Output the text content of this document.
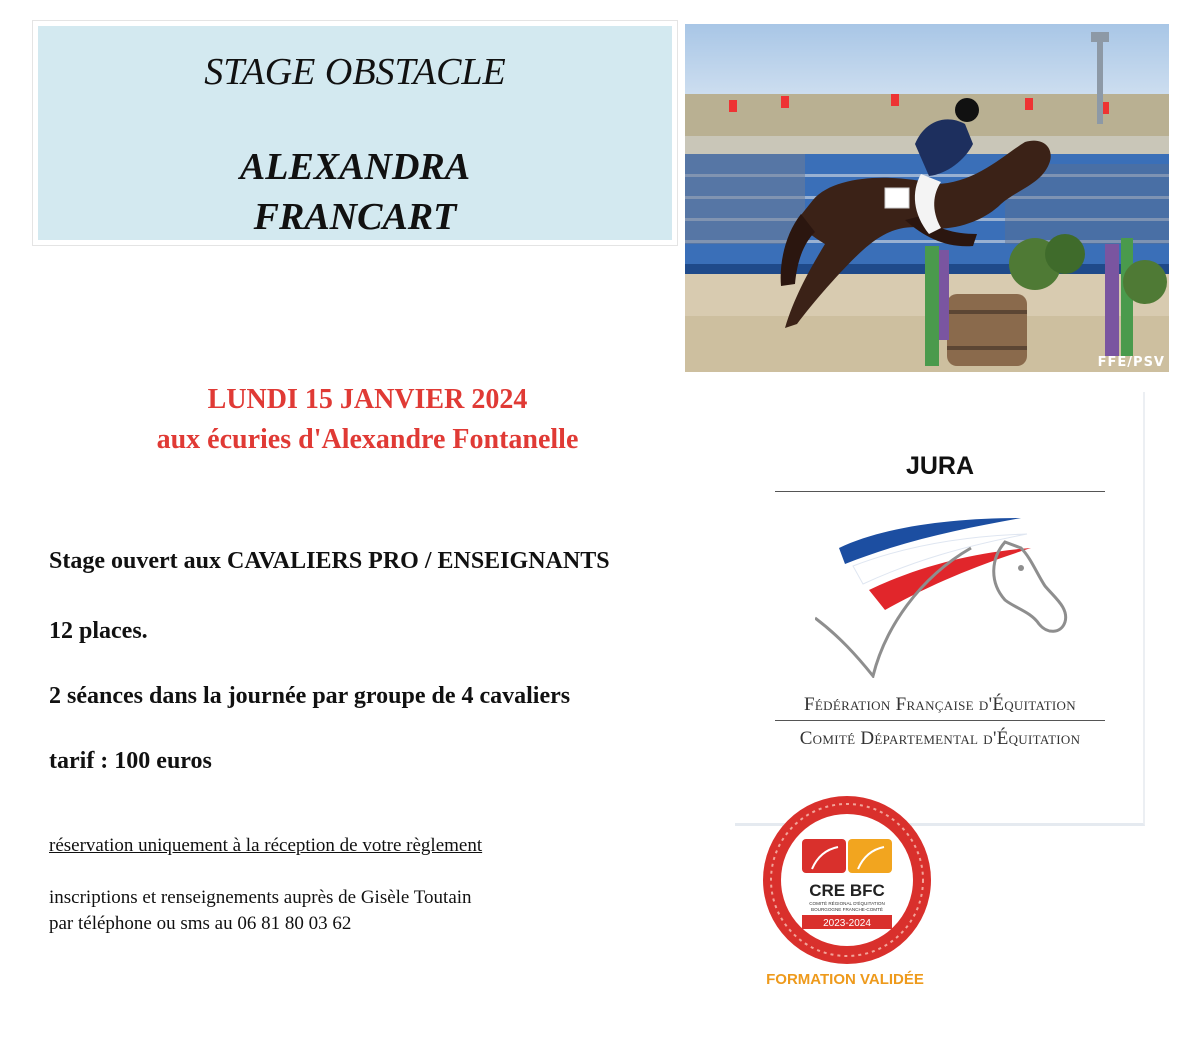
STAGE OBSTACLE
ALEXANDRA
FRANCART
FFE/PSV
LUNDI 15 JANVIER 2024
aux écuries d'Alexandre Fontanelle
Stage ouvert aux CAVALIERS PRO / ENSEIGNANTS
12 places.
2 séances dans la journée par groupe de 4 cavaliers
tarif : 100 euros
réservation uniquement à la réception de votre règlement
inscriptions et renseignements auprès de Gisèle Toutain
par téléphone ou sms au 06 81 80 03 62
JURA
Fédération Française d'Équitation
Comité Départemental d'Équitation
CRE BFC
COMITÉ RÉGIONAL D'ÉQUITATION
BOURGOGNE FRANCHE-COMTÉ
2023-2024
FORMATION VALIDÉE
